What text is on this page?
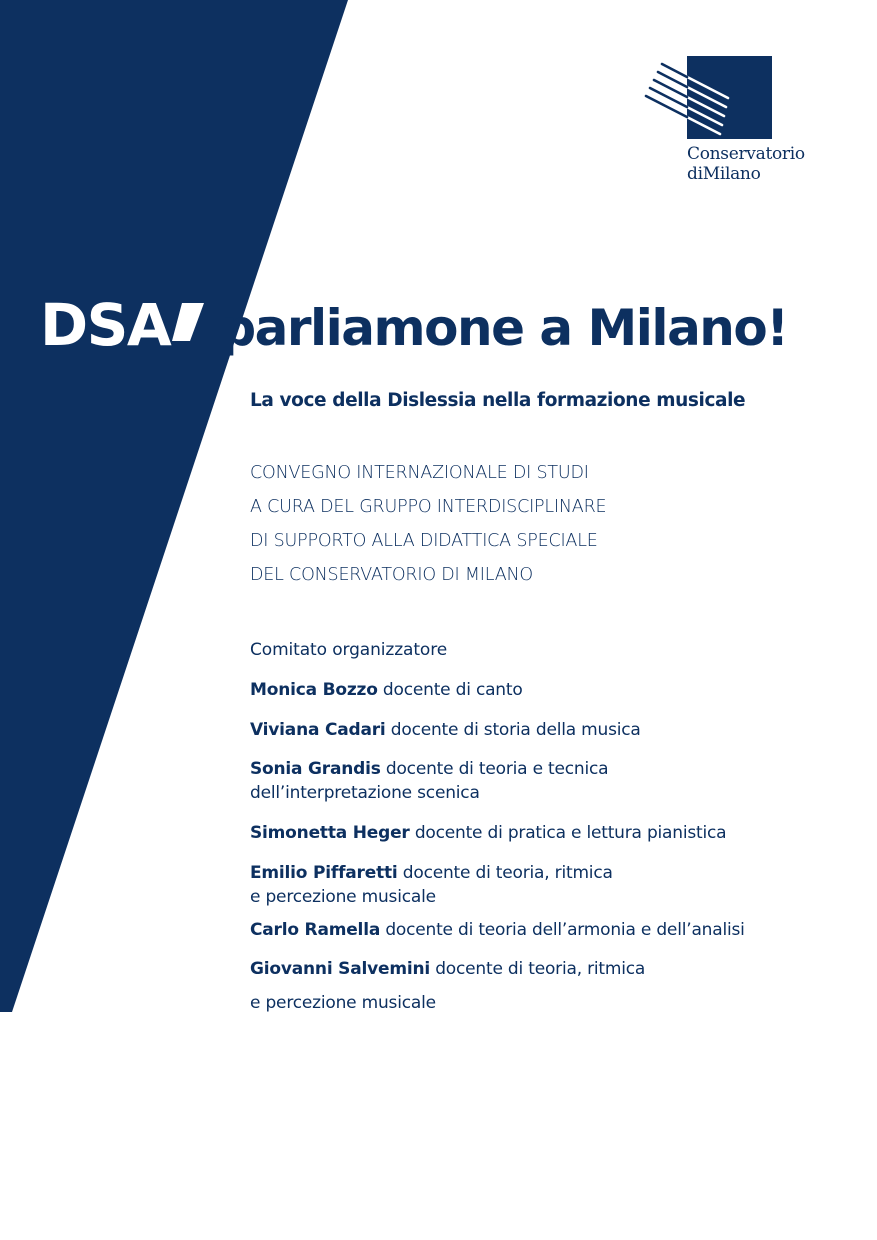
Conservatorio
diMilano
DSA parliamone a Milano!
La voce della Dislessia nella formazione musicale
CONVEGNO INTERNAZIONALE DI STUDI
A CURA DEL GRUPPO INTERDISCIPLINARE
DI SUPPORTO ALLA DIDATTICA SPECIALE
DEL CONSERVATORIO DI MILANO
Comitato organizzatore
Monica Bozzo docente di canto
Viviana Cadari docente di storia della musica
Sonia Grandis docente di teoria e tecnica
dell’interpretazione scenica
Simonetta Heger docente di pratica e lettura pianistica
Emilio Piffaretti docente di teoria, ritmica
e percezione musicale
Carlo Ramella docente di teoria dell’armonia e dell’analisi
Giovanni Salvemini docente di teoria, ritmica
e percezione musicale
